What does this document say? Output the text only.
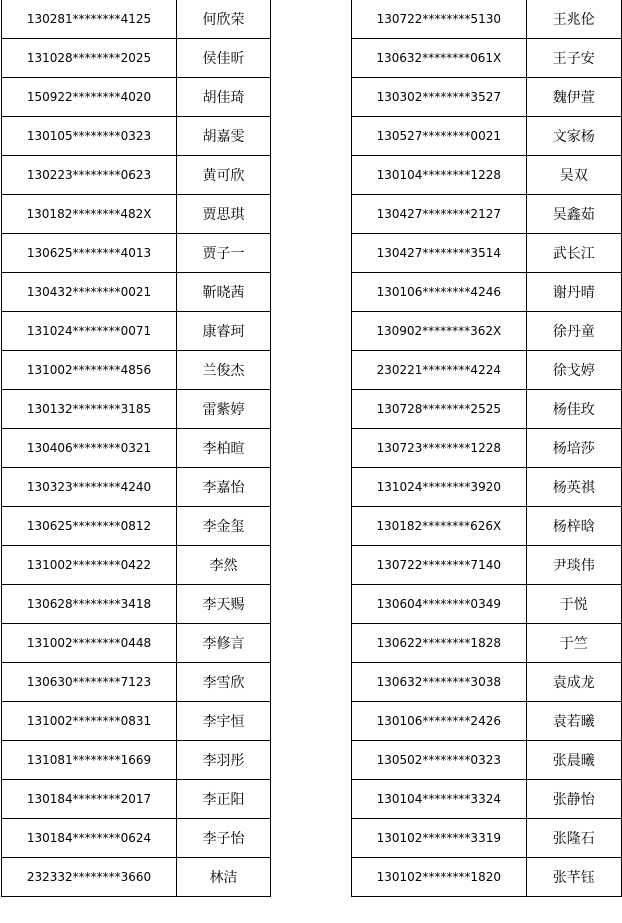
130281********4125	何欣荣
131028********2025	侯佳昕
150922********4020	胡佳琦
130105********0323	胡嘉雯
130223********0623	黄可欣
130182********482X	贾思琪
130625********4013	贾子一
130432********0021	靳晓茜
131024********0071	康睿珂
131002********4856	兰俊杰
130132********3185	雷紫婷
130406********0321	李柏暄
130323********4240	李嘉怡
130625********0812	李金玺
131002********0422	李然
130628********3418	李天赐
131002********0448	李修言
130630********7123	李雪欣
131002********0831	李宇恒
131081********1669	李羽彤
130184********2017	李正阳
130184********0624	李子怡
232332********3660	林洁
130722********5130	王兆伦
130632********061X	王子安
130302********3527	魏伊萱
130527********0021	文家杨
130104********1228	吴双
130427********2127	吴鑫茹
130427********3514	武长江
130106********4246	谢丹晴
130902********362X	徐丹童
230221********4224	徐戈婷
130728********2525	杨佳玫
130723********1228	杨培莎
131024********3920	杨英祺
130182********626X	杨梓晗
130722********7140	尹琰伟
130604********0349	于悦
130622********1828	于竺
130632********3038	袁成龙
130106********2426	袁若曦
130502********0323	张晨曦
130104********3324	张静怡
130102********3319	张隆石
130102********1820	张芊钰
